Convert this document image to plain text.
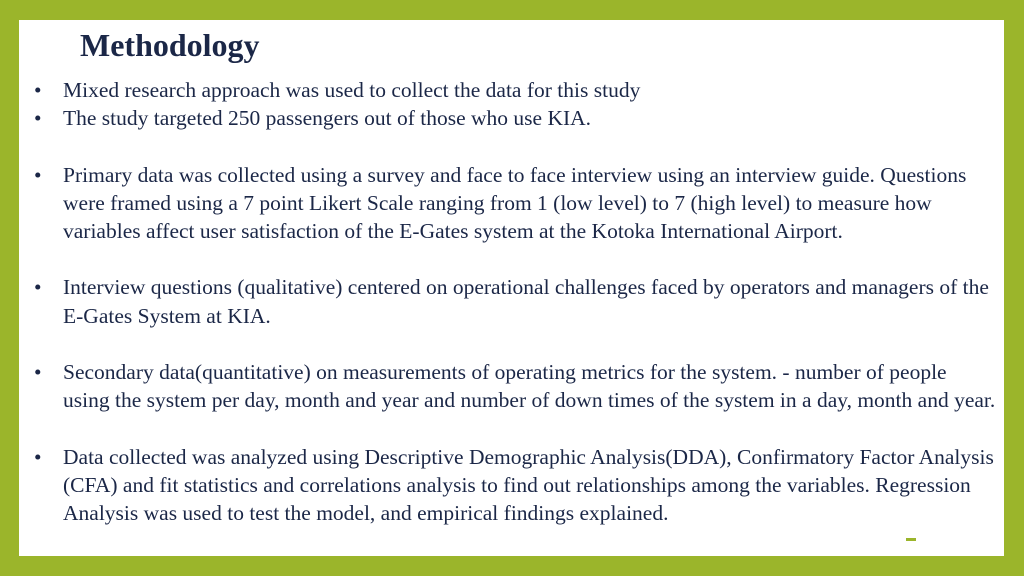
Methodology

• Mixed research approach was used to collect the data for this study

• The study targeted 250 passengers out of those who use KIA.

• Primary data was collected using a survey and face to face interview using an interview guide. Questions were framed using a 7 point Likert Scale ranging from 1 (low level) to 7 (high level) to measure how variables affect user satisfaction of the E-Gates system at the Kotoka International Airport.

• Interview questions (qualitative) centered on operational challenges faced by operators and managers of the E-Gates System at KIA.

• Secondary data(quantitative) on measurements of operating metrics for the system. - number of people using the system per day, month and year and number of down times of the system in a day, month and year.

• Data collected was analyzed using Descriptive Demographic Analysis(DDA), Confirmatory Factor Analysis (CFA) and fit statistics and correlations analysis to find out relationships among the variables. Regression Analysis was used to test the model, and empirical findings explained.
